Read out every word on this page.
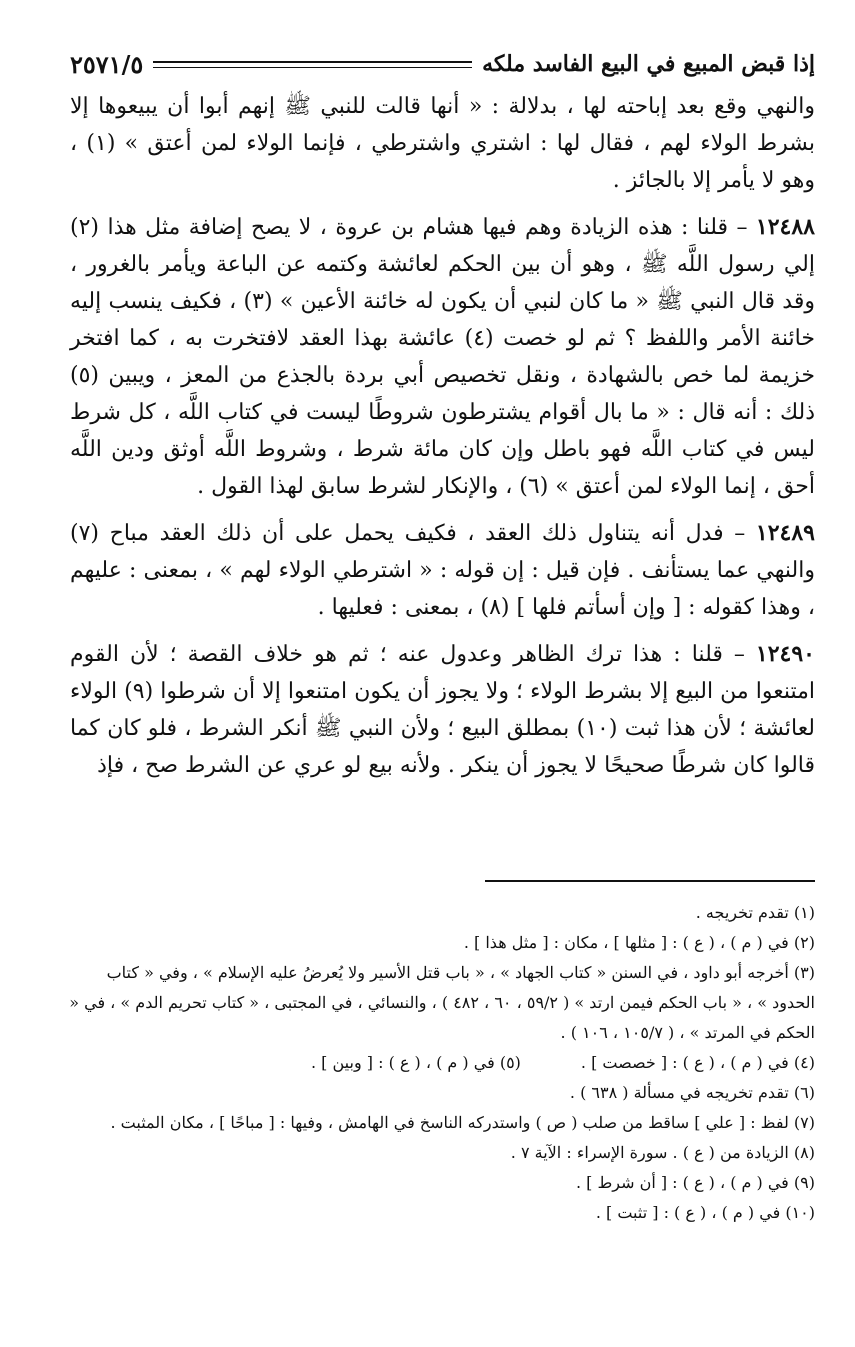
إذا قبض المبيع في البيع الفاسد ملكه
٢٥٧١/٥

والنهي وقع بعد إباحته لها ، بدلالة : « أنها قالت للنبي ﷺ إنهم أبوا أن يبيعوها إلا بشرط الولاء لهم ، فقال لها : اشتري واشترطي ، فإنما الولاء لمن أعتق » (١) ، وهو لا يأمر إلا بالجائز .

١٢٤٨٨ – قلنا : هذه الزيادة وهم فيها هشام بن عروة ، لا يصح إضافة مثل هذا (٢) إلي رسول اللَّه ﷺ ، وهو أن بين الحكم لعائشة وكتمه عن الباعة ويأمر بالغرور ، وقد قال النبي ﷺ « ما كان لنبي أن يكون له خائنة الأعين » (٣) ، فكيف ينسب إليه خائنة الأمر واللفظ ؟ ثم لو خصت (٤) عائشة بهذا العقد لافتخرت به ، كما افتخر خزيمة لما خص بالشهادة ، ونقل تخصيص أبي بردة بالجذع من المعز ، ويبين (٥) ذلك : أنه قال : « ما بال أقوام يشترطون شروطًا ليست في كتاب اللَّه ، كل شرط ليس في كتاب اللَّه فهو باطل وإن كان مائة شرط ، وشروط اللَّه أوثق ودين اللَّه أحق ، إنما الولاء لمن أعتق » (٦) ، والإنكار لشرط سابق لهذا القول .

١٢٤٨٩ – فدل أنه يتناول ذلك العقد ، فكيف يحمل على أن ذلك العقد مباح (٧) والنهي عما يستأنف . فإن قيل : إن قوله : « اشترطي الولاء لهم » ، بمعنى : عليهم ، وهذا كقوله : [ وإن أسأتم فلها ] (٨) ، بمعنى : فعليها .

١٢٤٩٠ – قلنا : هذا ترك الظاهر وعدول عنه ؛ ثم هو خلاف القصة ؛ لأن القوم امتنعوا من البيع إلا بشرط الولاء ؛ ولا يجوز أن يكون امتنعوا إلا أن شرطوا (٩) الولاء لعائشة ؛ لأن هذا ثبت (١٠) بمطلق البيع ؛ ولأن النبي ﷺ أنكر الشرط ، فلو كان كما قالوا كان شرطًا صحيحًا لا يجوز أن ينكر . ولأنه بيع لو عري عن الشرط صح ، فإذ

(١) تقدم تخريجه .

(٢) في ( م ) ، ( ع ) : [ مثلها ] ، مكان : [ مثل هذا ] .

(٣) أخرجه أبو داود ، في السنن « كتاب الجهاد » ، « باب قتل الأسير ولا يُعرضُ عليه الإسلام » ، وفي « كتاب الحدود » ، « باب الحكم فيمن ارتد » ( ٥٩/٢ ، ٦٠ ، ٤٨٢ ) ، والنسائي ، في المجتبى ، « كتاب تحريم الدم » ، في « الحكم في المرتد » ، ( ١٠٥/٧ ، ١٠٦ ) .

(٤) في ( م ) ، ( ع ) : [ خصصت ] .
(٥) في ( م ) ، ( ع ) : [ وبين ] .

(٦) تقدم تخريجه في مسألة ( ٦٣٨ ) .

(٧) لفظ : [ علي ] ساقط من صلب ( ص ) واستدركه الناسخ في الهامش ، وفيها : [ مباحًا ] ، مكان المثبت .

(٨) الزيادة من ( ع ) . سورة الإسراء : الآية ٧ .

(٩) في ( م ) ، ( ع ) : [ أن شرط ] .

(١٠) في ( م ) ، ( ع ) : [ تثبت ] .
